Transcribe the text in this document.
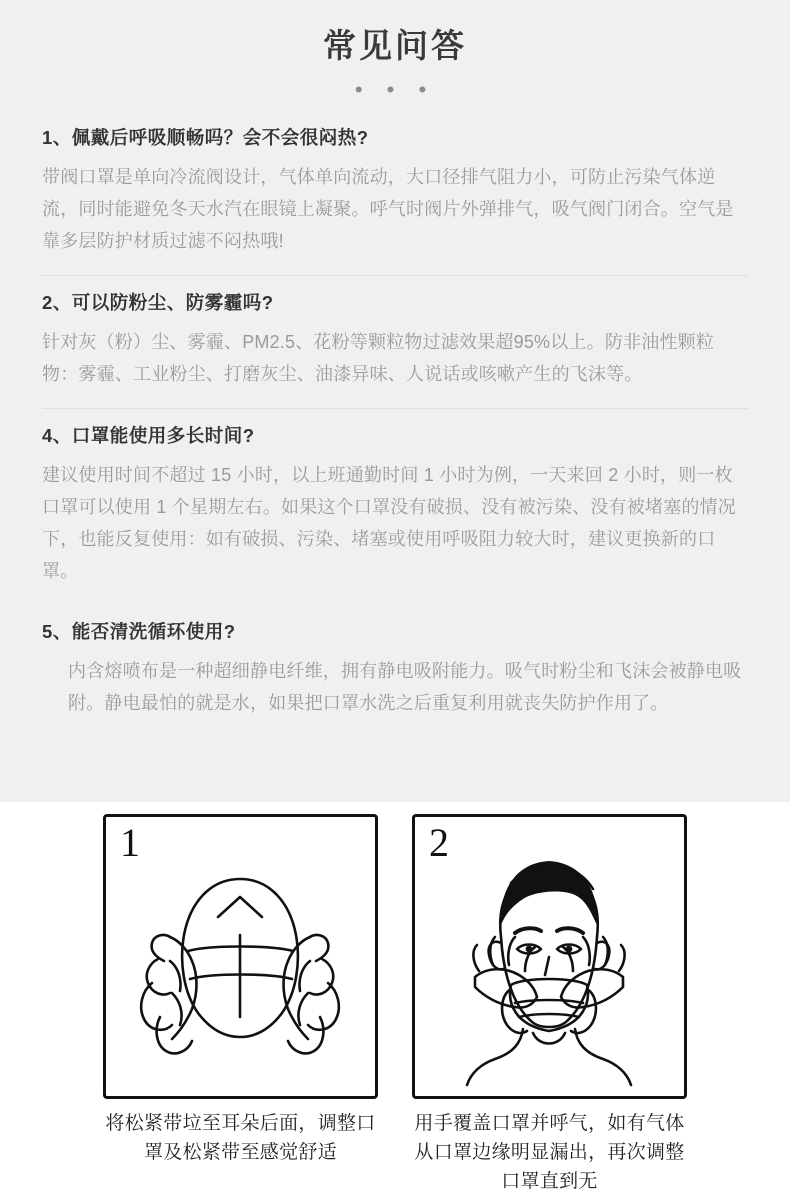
常见问答
• • •
1、佩戴后呼吸顺畅吗？会不会很闷热?
带阀口罩是单向冷流阀设计，气体单向流动，大口径排气阻力小，可防止污染气体逆流，同时能避免冬天水汽在眼镜上凝聚。呼气时阀片外弹排气，吸气阀门闭合。空气是靠多层防护材质过滤不闷热哦!
2、可以防粉尘、防雾霾吗?
针对灰（粉）尘、雾霾、PM2.5、花粉等颗粒物过滤效果超95%以上。防非油性颗粒物：雾霾、工业粉尘、打磨灰尘、油漆异味、人说话或咳嗽产生的飞沫等。
4、口罩能使用多长时间?
建议使用时间不超过 15 小时，以上班通勤时间 1 小时为例，一天来回 2 小时，则一枚口罩可以使用 1 个星期左右。如果这个口罩没有破损、没有被污染、没有被堵塞的情况下，也能反复使用：如有破损、污染、堵塞或使用呼吸阻力较大时，建议更换新的口罩。
5、能否清洗循环使用?
内含熔喷布是一种超细静电纤维，拥有静电吸附能力。吸气时粉尘和飞沫会被静电吸附。静电最怕的就是水，如果把口罩水洗之后重复利用就丧失防护作用了。
1
将松紧带垃至耳朵后面，调整口罩及松紧带至感觉舒适
2
用手覆盖口罩并呼气，如有气体从口罩边缘明显漏出，再次调整口罩直到无
